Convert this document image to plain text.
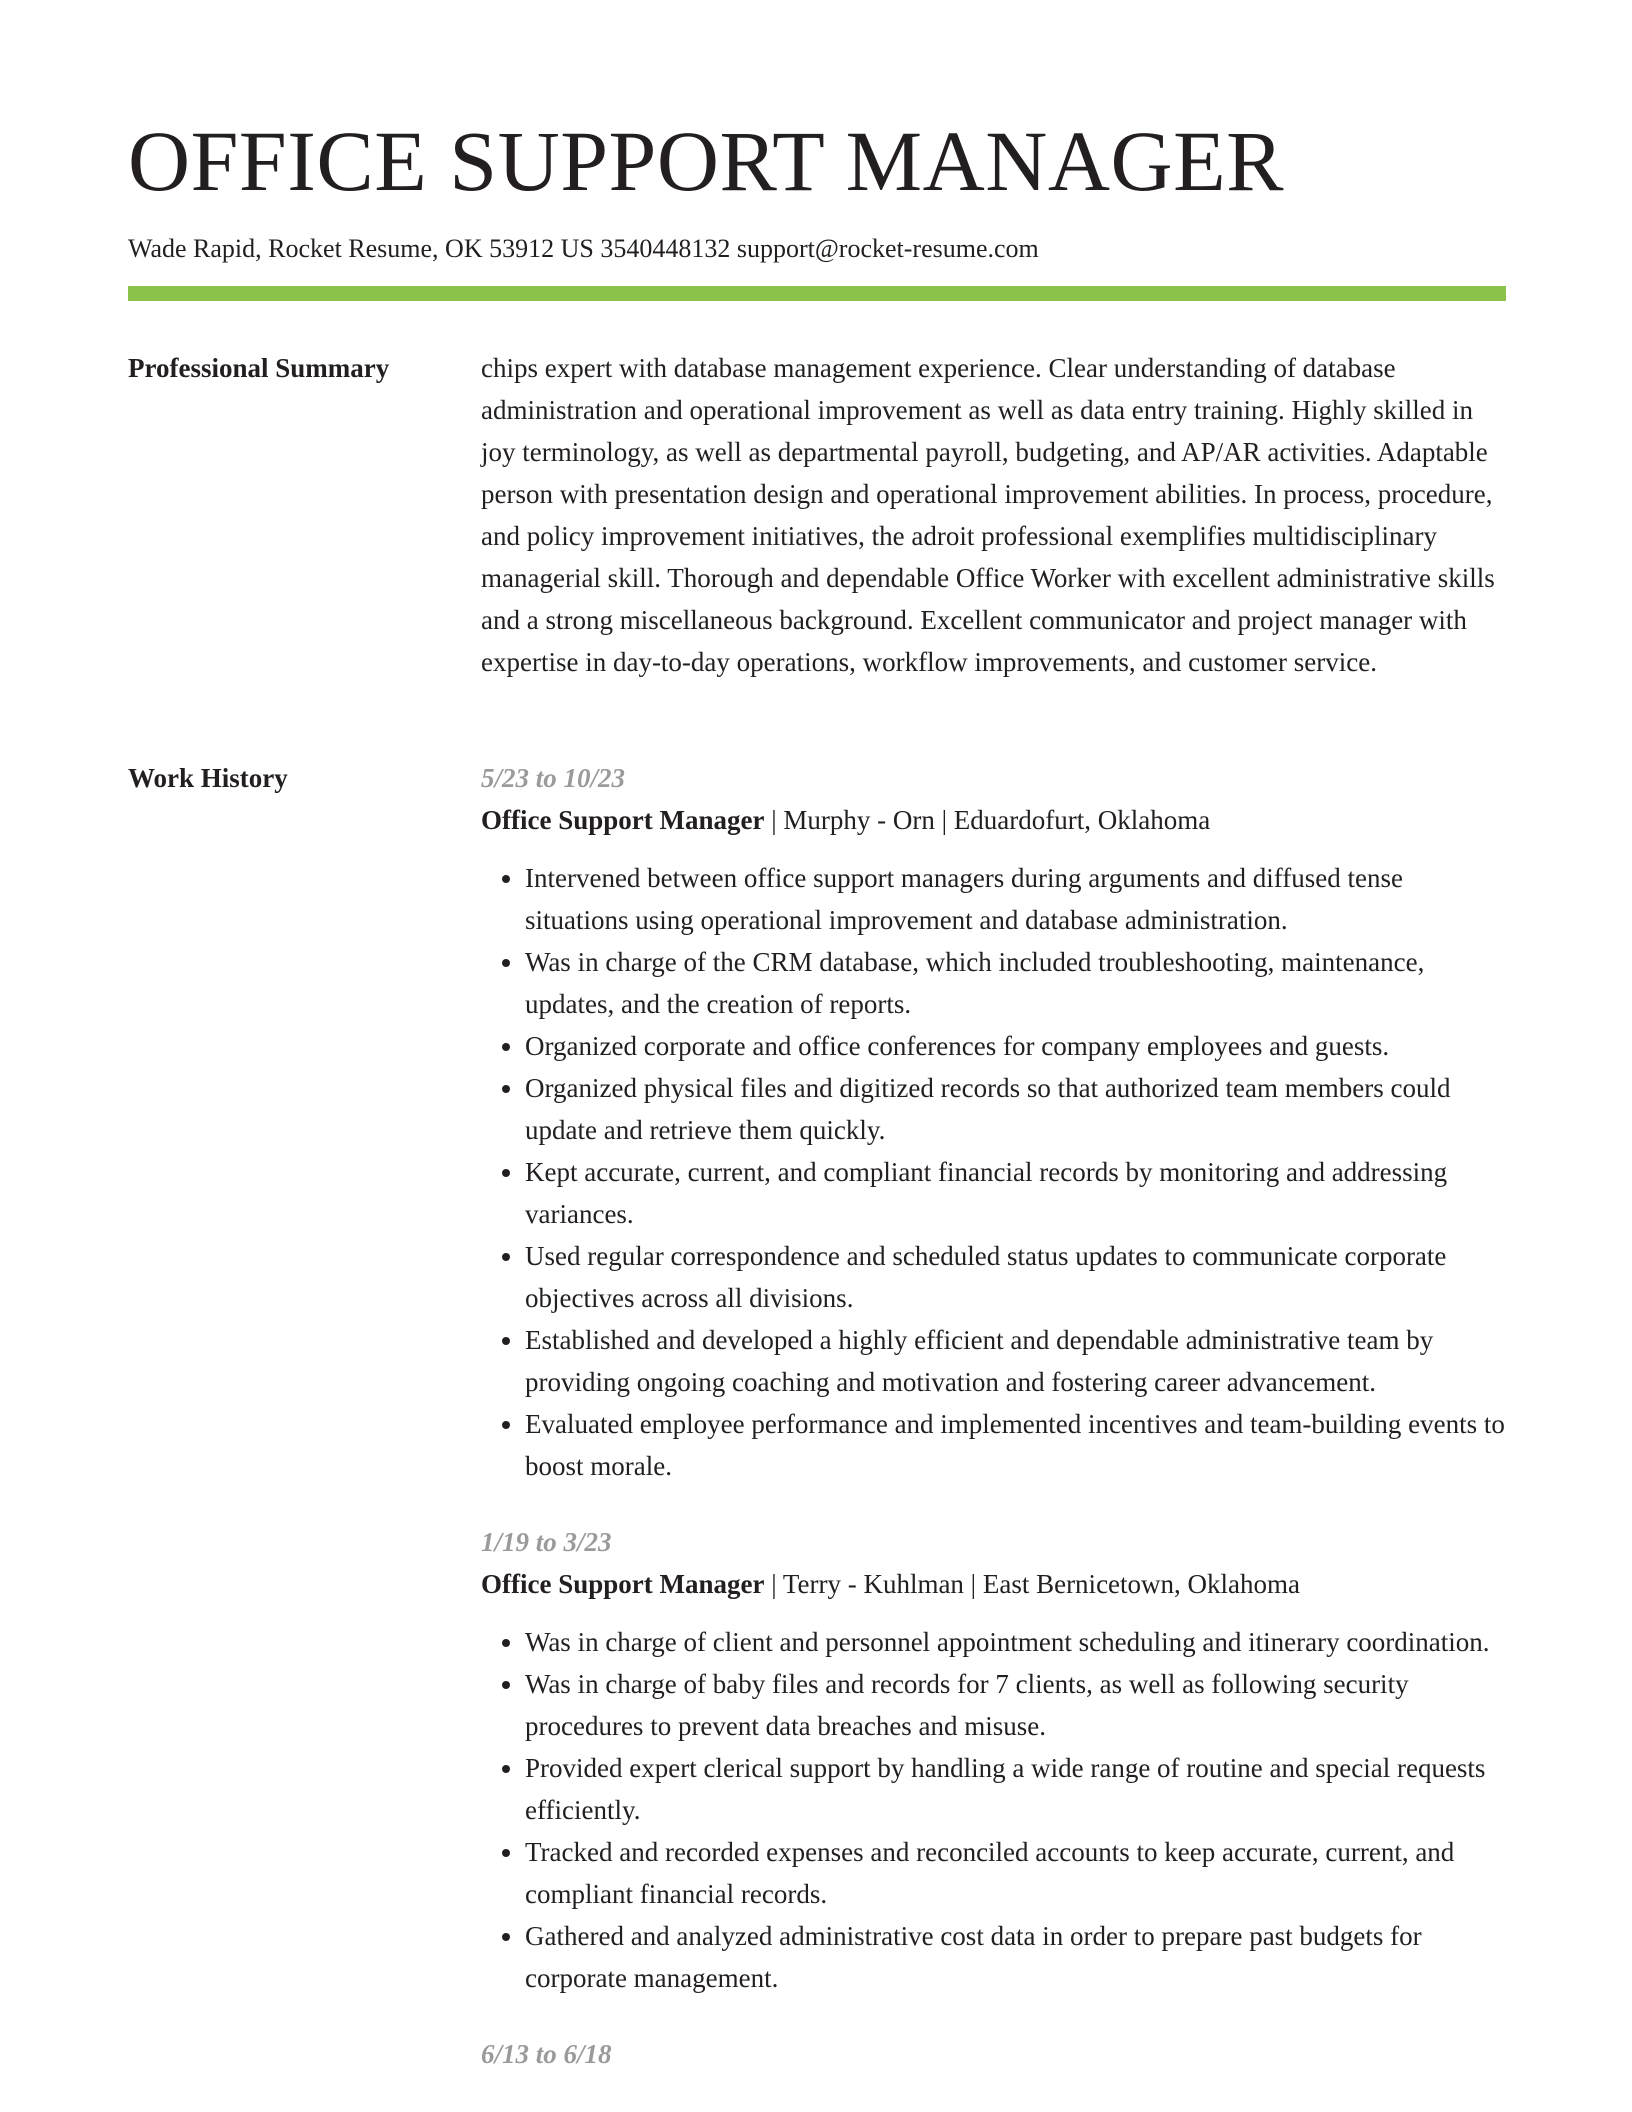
OFFICE SUPPORT MANAGER
Wade Rapid, Rocket Resume, OK 53912 US 3540448132 support@rocket-resume.com
Professional Summary	chips expert with database management experience. Clear understanding of database administration and operational improvement as well as data entry training. Highly skilled in joy terminology, as well as departmental payroll, budgeting, and AP/AR activities. Adaptable person with presentation design and operational improvement abilities. In process, procedure, and policy improvement initiatives, the adroit professional exemplifies multidisciplinary managerial skill. Thorough and dependable Office Worker with excellent administrative skills and a strong miscellaneous background. Excellent communicator and project manager with expertise in day-to-day operations, workflow improvements, and customer service.

Work History	5/23 to 10/23
Office Support Manager | Murphy - Orn | Eduardofurt, Oklahoma
• Intervened between office support managers during arguments and diffused tense situations using operational improvement and database administration.
• Was in charge of the CRM database, which included troubleshooting, maintenance, updates, and the creation of reports.
• Organized corporate and office conferences for company employees and guests.
• Organized physical files and digitized records so that authorized team members could update and retrieve them quickly.
• Kept accurate, current, and compliant financial records by monitoring and addressing variances.
• Used regular correspondence and scheduled status updates to communicate corporate objectives across all divisions.
• Established and developed a highly efficient and dependable administrative team by providing ongoing coaching and motivation and fostering career advancement.
• Evaluated employee performance and implemented incentives and team-building events to boost morale.
1/19 to 3/23
Office Support Manager | Terry - Kuhlman | East Bernicetown, Oklahoma
• Was in charge of client and personnel appointment scheduling and itinerary coordination.
• Was in charge of baby files and records for 7 clients, as well as following security procedures to prevent data breaches and misuse.
• Provided expert clerical support by handling a wide range of routine and special requests efficiently.
• Tracked and recorded expenses and reconciled accounts to keep accurate, current, and compliant financial records.
• Gathered and analyzed administrative cost data in order to prepare past budgets for corporate management.
6/13 to 6/18
